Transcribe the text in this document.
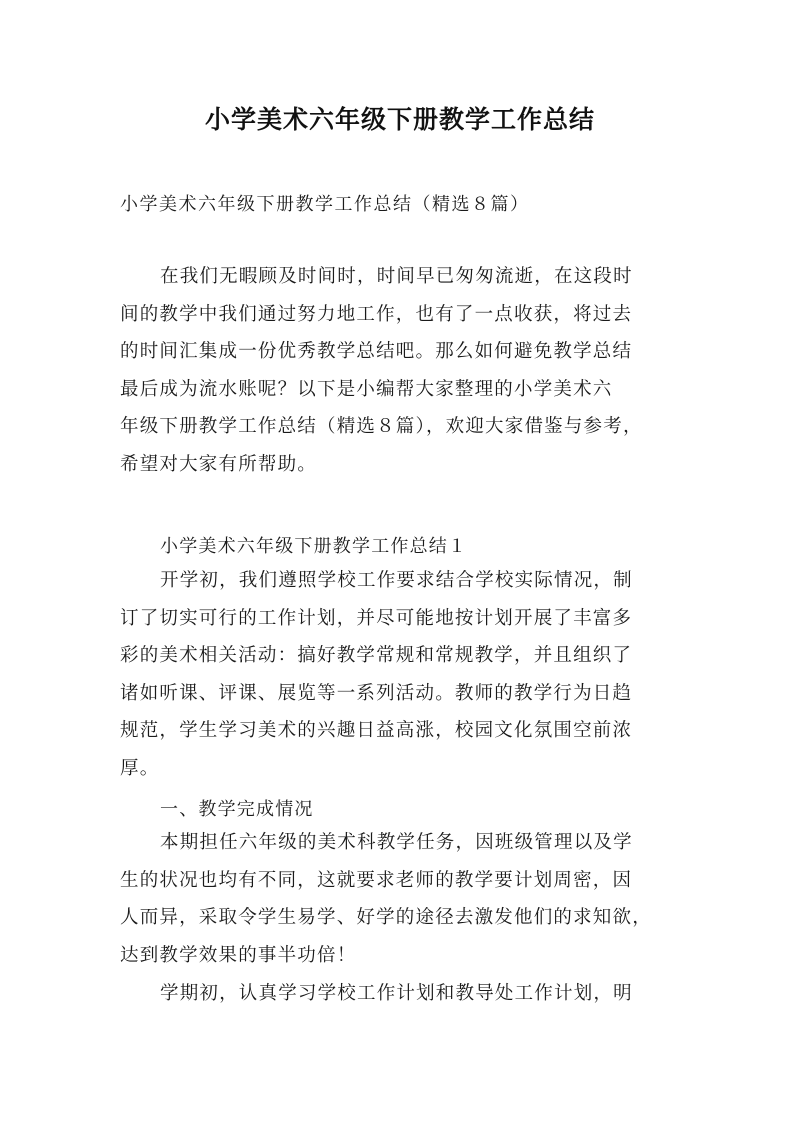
小学美术六年级下册教学工作总结
小学美术六年级下册教学工作总结（精选８篇）
在我们无暇顾及时间时，时间早已匆匆流逝，在这段时
间的教学中我们通过努力地工作，也有了一点收获，将过去
的时间汇集成一份优秀教学总结吧。那么如何避免教学总结
最后成为流水账呢？以下是小编帮大家整理的小学美术六
年级下册教学工作总结（精选８篇），欢迎大家借鉴与参考，
希望对大家有所帮助。
小学美术六年级下册教学工作总结１
开学初，我们遵照学校工作要求结合学校实际情况，制
订了切实可行的工作计划，并尽可能地按计划开展了丰富多
彩的美术相关活动：搞好教学常规和常规教学，并且组织了
诸如听课、评课、展览等一系列活动。教师的教学行为日趋
规范，学生学习美术的兴趣日益高涨，校园文化氛围空前浓
厚。
一、教学完成情况
本期担任六年级的美术科教学任务，因班级管理以及学
生的状况也均有不同，这就要求老师的教学要计划周密，因
人而异，采取令学生易学、好学的途径去激发他们的求知欲，
达到教学效果的事半功倍！
学期初，认真学习学校工作计划和教导处工作计划，明
